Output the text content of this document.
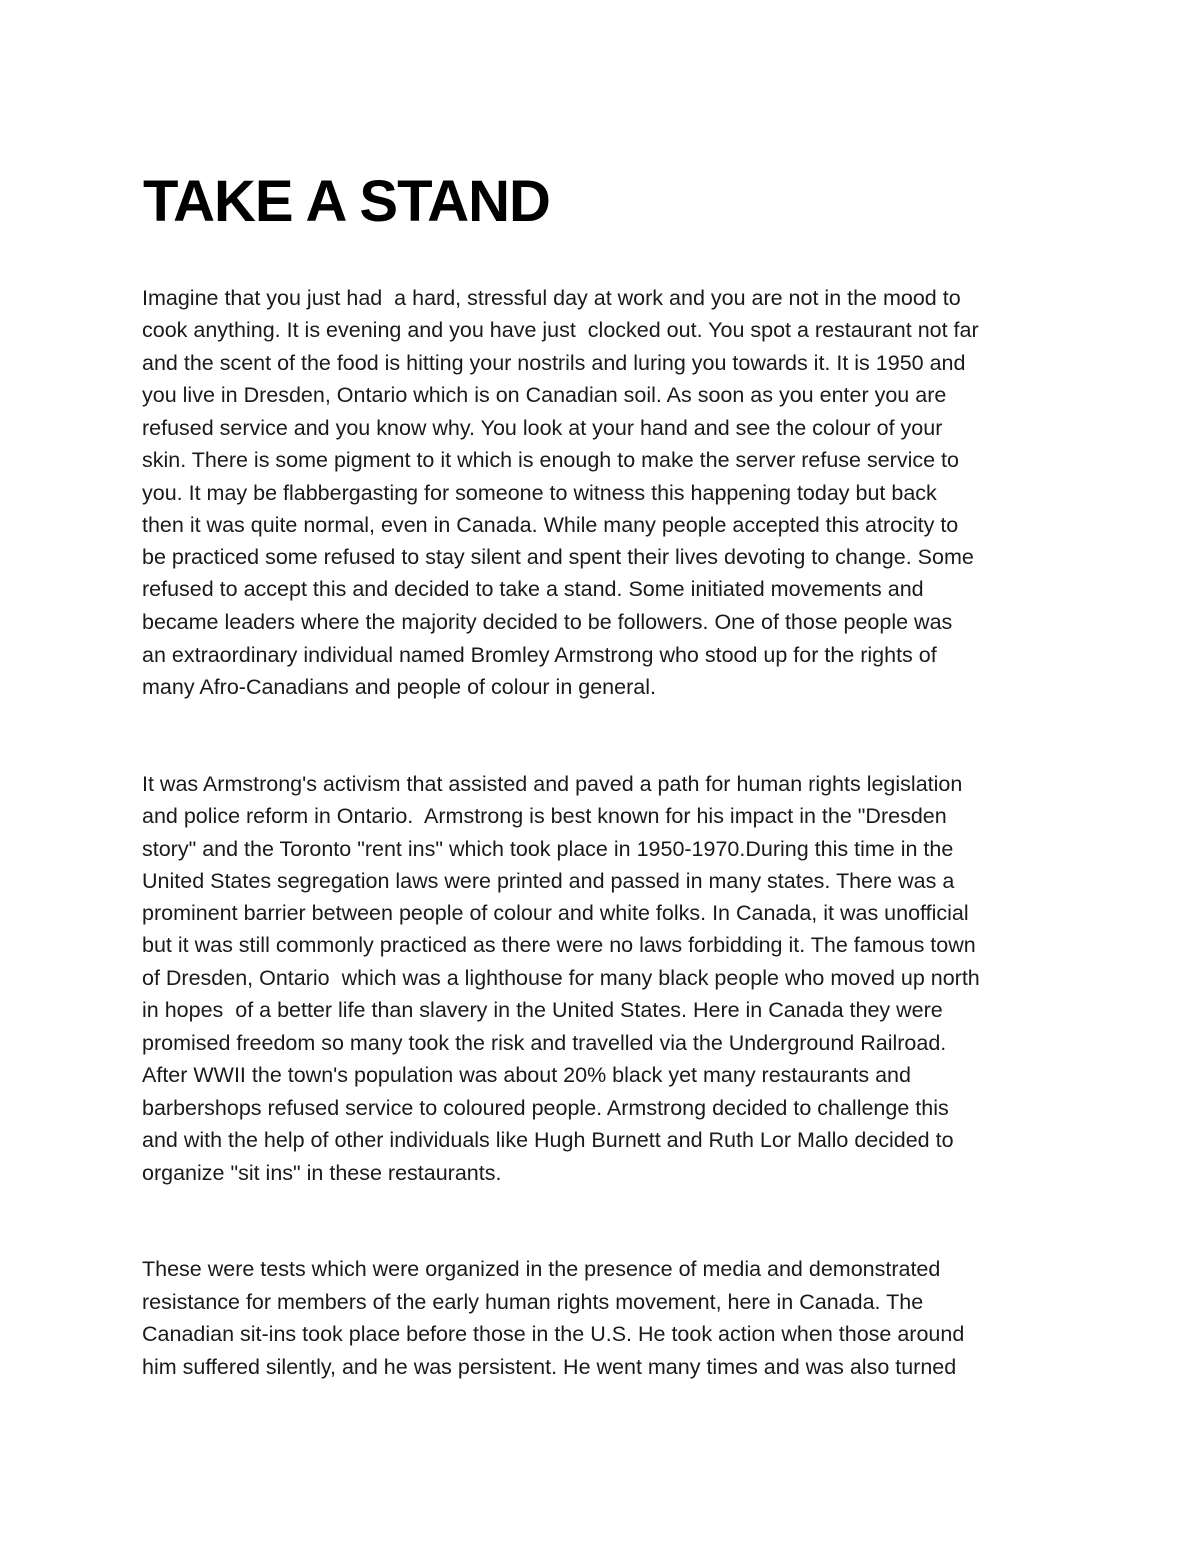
TAKE A STAND

Imagine that you just had  a hard, stressful day at work and you are not in the mood to

cook anything. It is evening and you have just  clocked out. You spot a restaurant not far

and the scent of the food is hitting your nostrils and luring you towards it. It is 1950 and

you live in Dresden, Ontario which is on Canadian soil. As soon as you enter you are

refused service and you know why. You look at your hand and see the colour of your

skin. There is some pigment to it which is enough to make the server refuse service to

you. It may be flabbergasting for someone to witness this happening today but back

then it was quite normal, even in Canada. While many people accepted this atrocity to

be practiced some refused to stay silent and spent their lives devoting to change. Some

refused to accept this and decided to take a stand. Some initiated movements and

became leaders where the majority decided to be followers. One of those people was

an extraordinary individual named Bromley Armstrong who stood up for the rights of

many Afro-Canadians and people of colour in general.

It was Armstrong's activism that assisted and paved a path for human rights legislation

and police reform in Ontario.  Armstrong is best known for his impact in the "Dresden

story" and the Toronto "rent ins" which took place in 1950-1970.During this time in the

United States segregation laws were printed and passed in many states. There was a

prominent barrier between people of colour and white folks. In Canada, it was unofficial

but it was still commonly practiced as there were no laws forbidding it. The famous town

of Dresden, Ontario  which was a lighthouse for many black people who moved up north

in hopes  of a better life than slavery in the United States. Here in Canada they were

promised freedom so many took the risk and travelled via the Underground Railroad.

After WWII the town's population was about 20% black yet many restaurants and

barbershops refused service to coloured people. Armstrong decided to challenge this

and with the help of other individuals like Hugh Burnett and Ruth Lor Mallo decided to

organize "sit ins" in these restaurants.

These were tests which were organized in the presence of media and demonstrated

resistance for members of the early human rights movement, here in Canada. The

Canadian sit-ins took place before those in the U.S. He took action when those around

him suffered silently, and he was persistent. He went many times and was also turned
